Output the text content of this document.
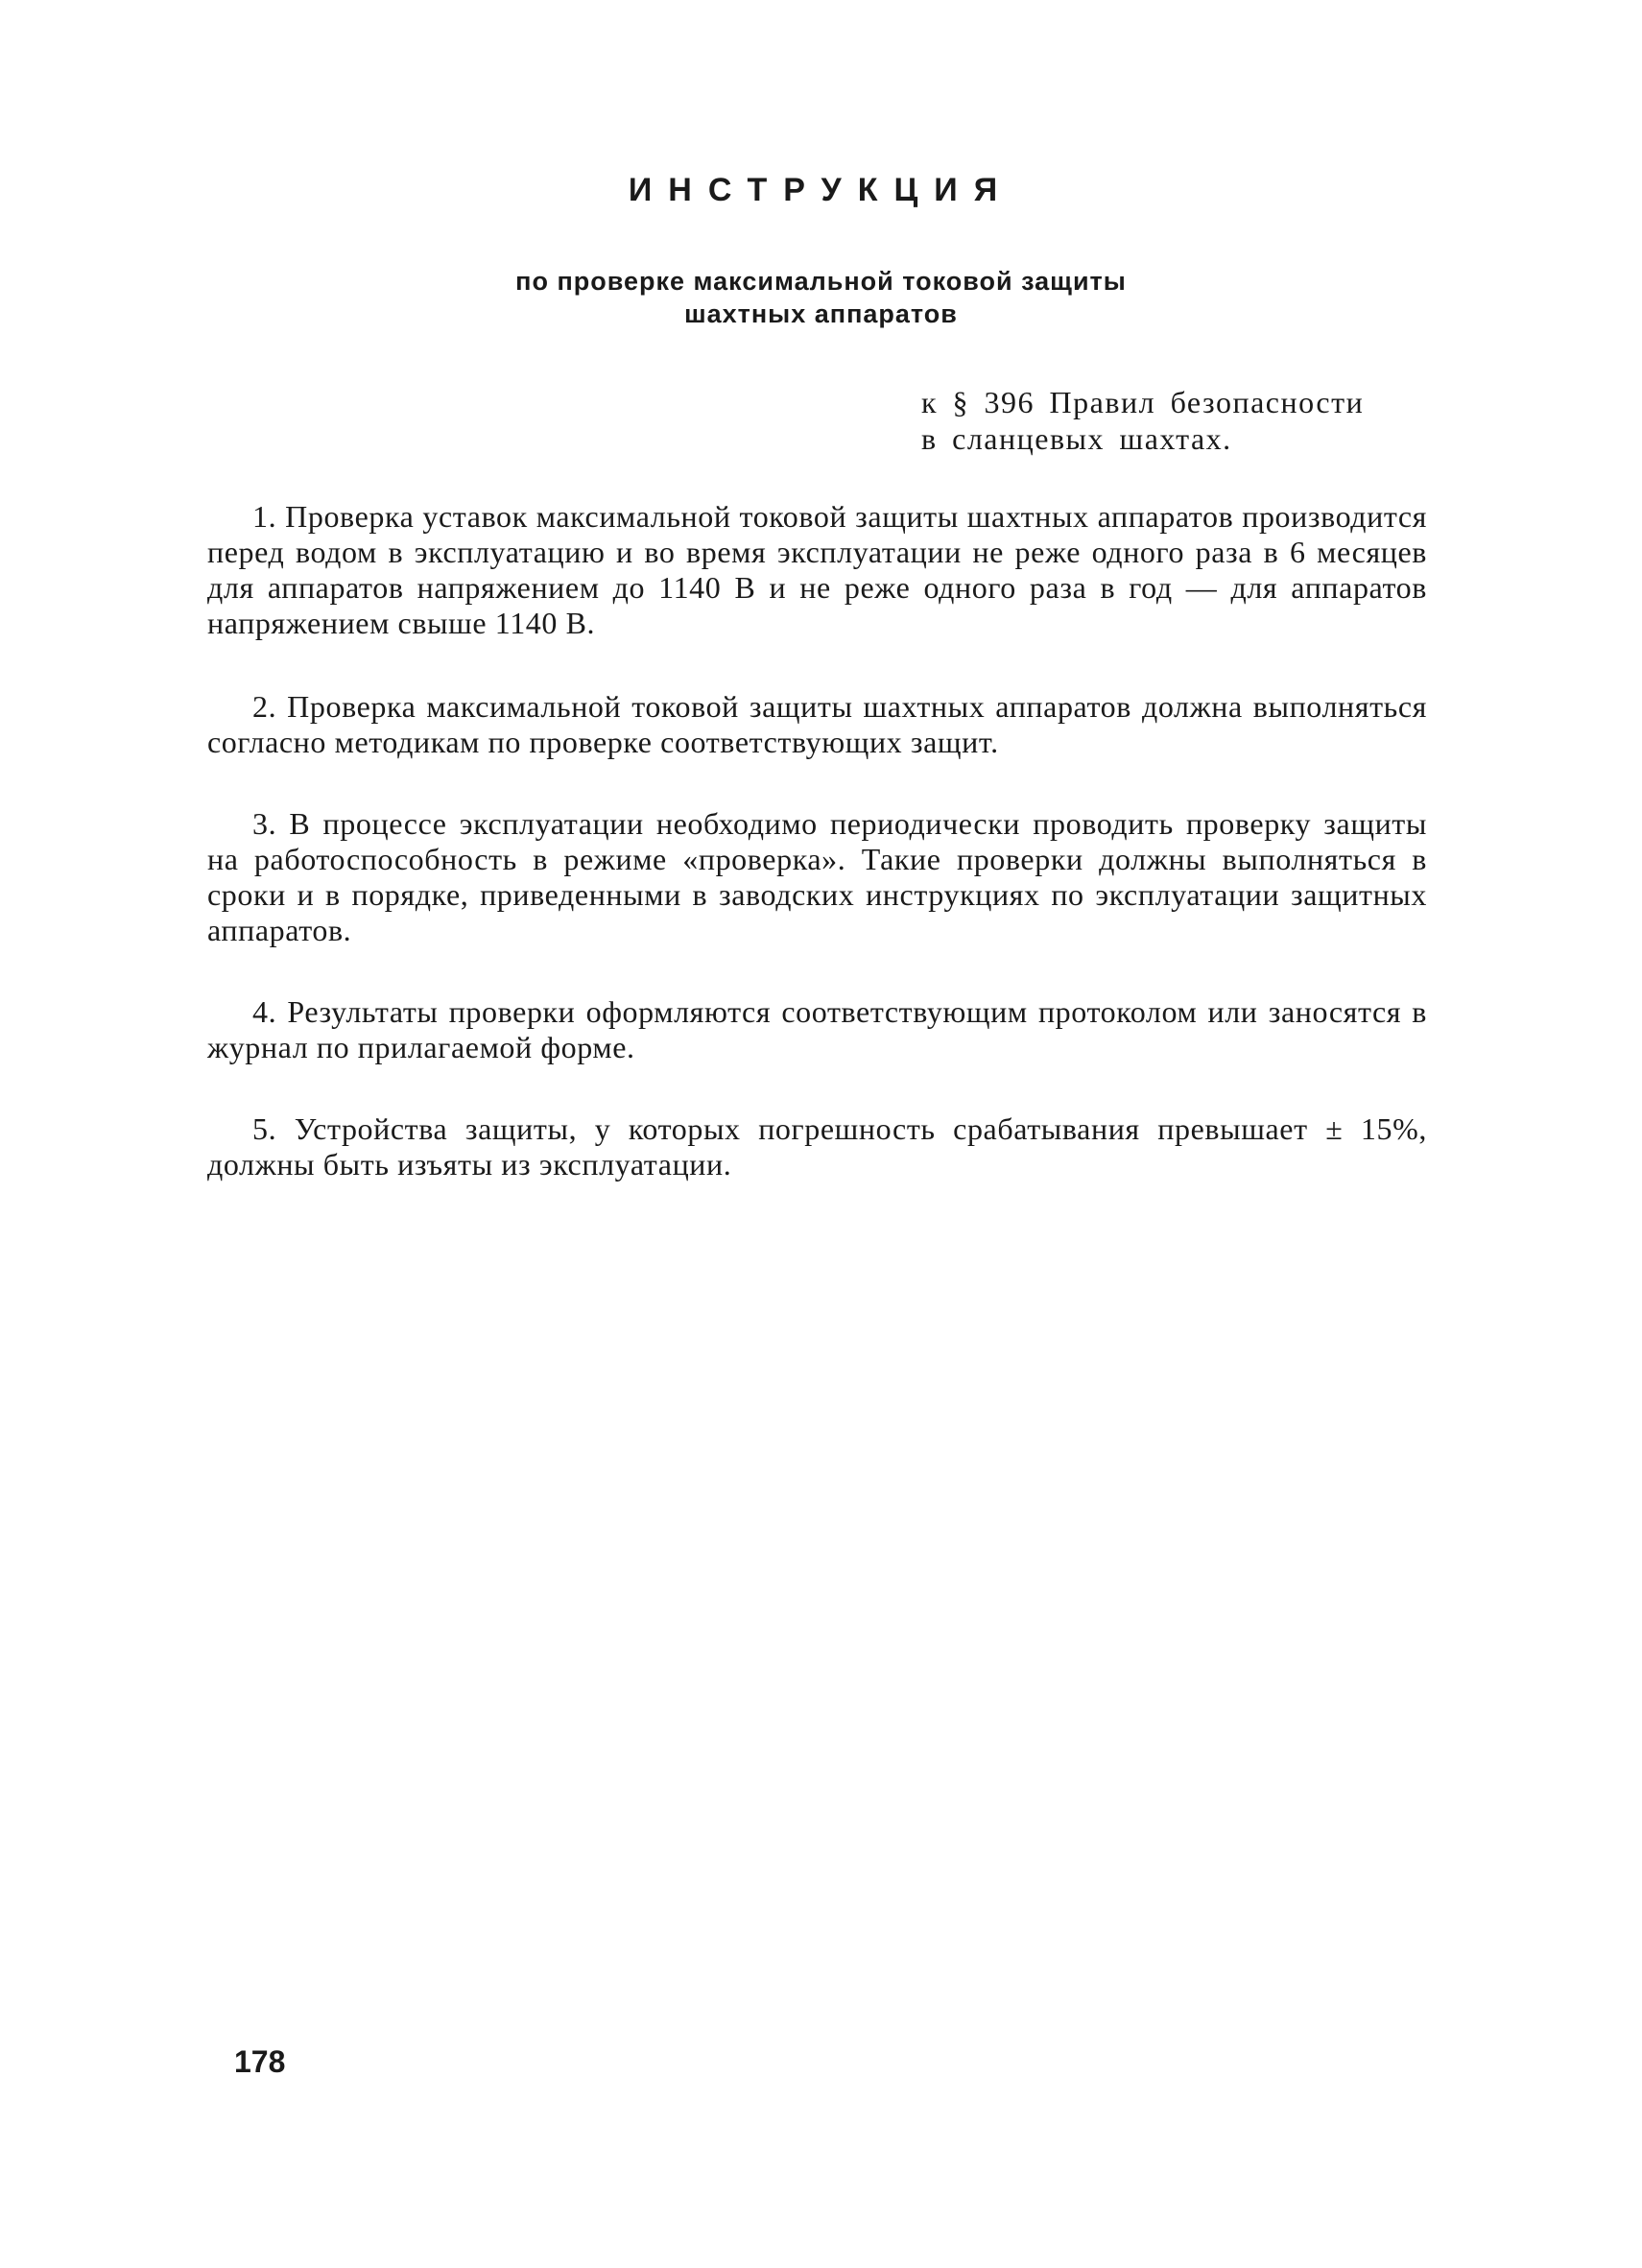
ИНСТРУКЦИЯ
по проверке максимальной токовой защиты
шахтных аппаратов
к § 396 Правил безопасности
в сланцевых шахтах.

1. Проверка уставок максимальной токовой защиты шахтных аппаратов производится перед водом в эксплуатацию и во время эксплуатации не реже одного раза в 6 месяцев для аппаратов напряжением до 1140 В и не реже одного раза в год — для аппаратов напряжением свыше 1140 В.

2. Проверка максимальной токовой защиты шахтных аппаратов должна выполняться согласно методикам по проверке соответствующих защит.

3. В процессе эксплуатации необходимо периодически проводить проверку защиты на работоспособность в режиме «проверка». Такие проверки должны выполняться в сроки и в порядке, приведенными в заводских инструкциях по эксплуатации защитных аппаратов.

4. Результаты проверки оформляются соответствующим протоколом или заносятся в журнал по прилагаемой форме.

5. Устройства защиты, у которых погрешность срабатывания превышает ± 15%, должны быть изъяты из эксплуатации.

178
